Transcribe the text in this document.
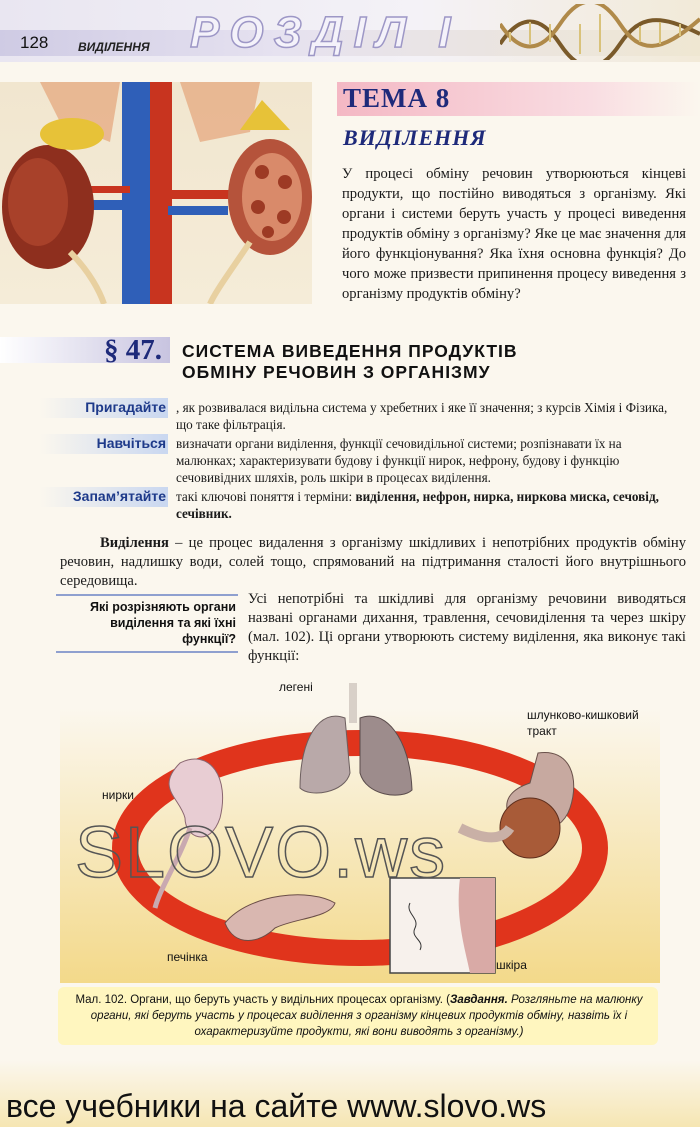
128 ВИДІЛЕННЯ РОЗДІЛ І
ТЕМА 8
ВИДІЛЕННЯ
У процесі обміну речовин утворюються кінцеві продукти, що постійно виводяться з організму. Які органи і системи беруть участь у процесі виведення продуктів обміну з організму? Яке це має значення для його функціонування? Яка їхня основна функція? До чого може призвести припинення процесу виведення з організму продуктів обміну?
§ 47. СИСТЕМА ВИВЕДЕННЯ ПРОДУКТІВ
ОБМІНУ РЕЧОВИН З ОРГАНІЗМУ
Пригадайте , як розвивалася видільна система у хребетних і яке її значення; з курсів Хімія і Фізика, що таке фільтрація.
Навчіться визначати органи виділення, функції сечовидільної системи; розпізнавати їх на малюнках; характеризувати будову і функції нирок, нефрону, будову і функцію сечовивідних шляхів, роль шкіри в процесах виділення.
Запам’ятайте такі ключові поняття і терміни: виділення, нефрон, нирка, ниркова миска, сечовід, сечівник.
Виділення – це процес видалення з організму шкідливих і непотрібних продуктів обміну речовин, надлишку води, солей тощо, спрямований на підтримання сталості його внутрішнього середовища.
Які розрізняють органи виділення та які їхні функції?
Усі непотрібні та шкідливі для організму речовини виводяться названі органами дихання, травлення, сечовиділення та через шкіру (мал. 102). Ці органи утворюють систему виділення, яка виконує такі функції:
легені
шлунково-кишковий
тракт
нирки
печінка
шкіра
Мал. 102. Органи, що беруть участь у видільних процесах організму. (Завдання. Розгляньте на малюнку органи, які беруть участь у процесах виділення з організму кінцевих продуктів обміну, назвіть їх і охарактеризуйте продукти, які вони виводять з організму.)
SLOVO.ws
все учебники на сайте www.slovo.ws
